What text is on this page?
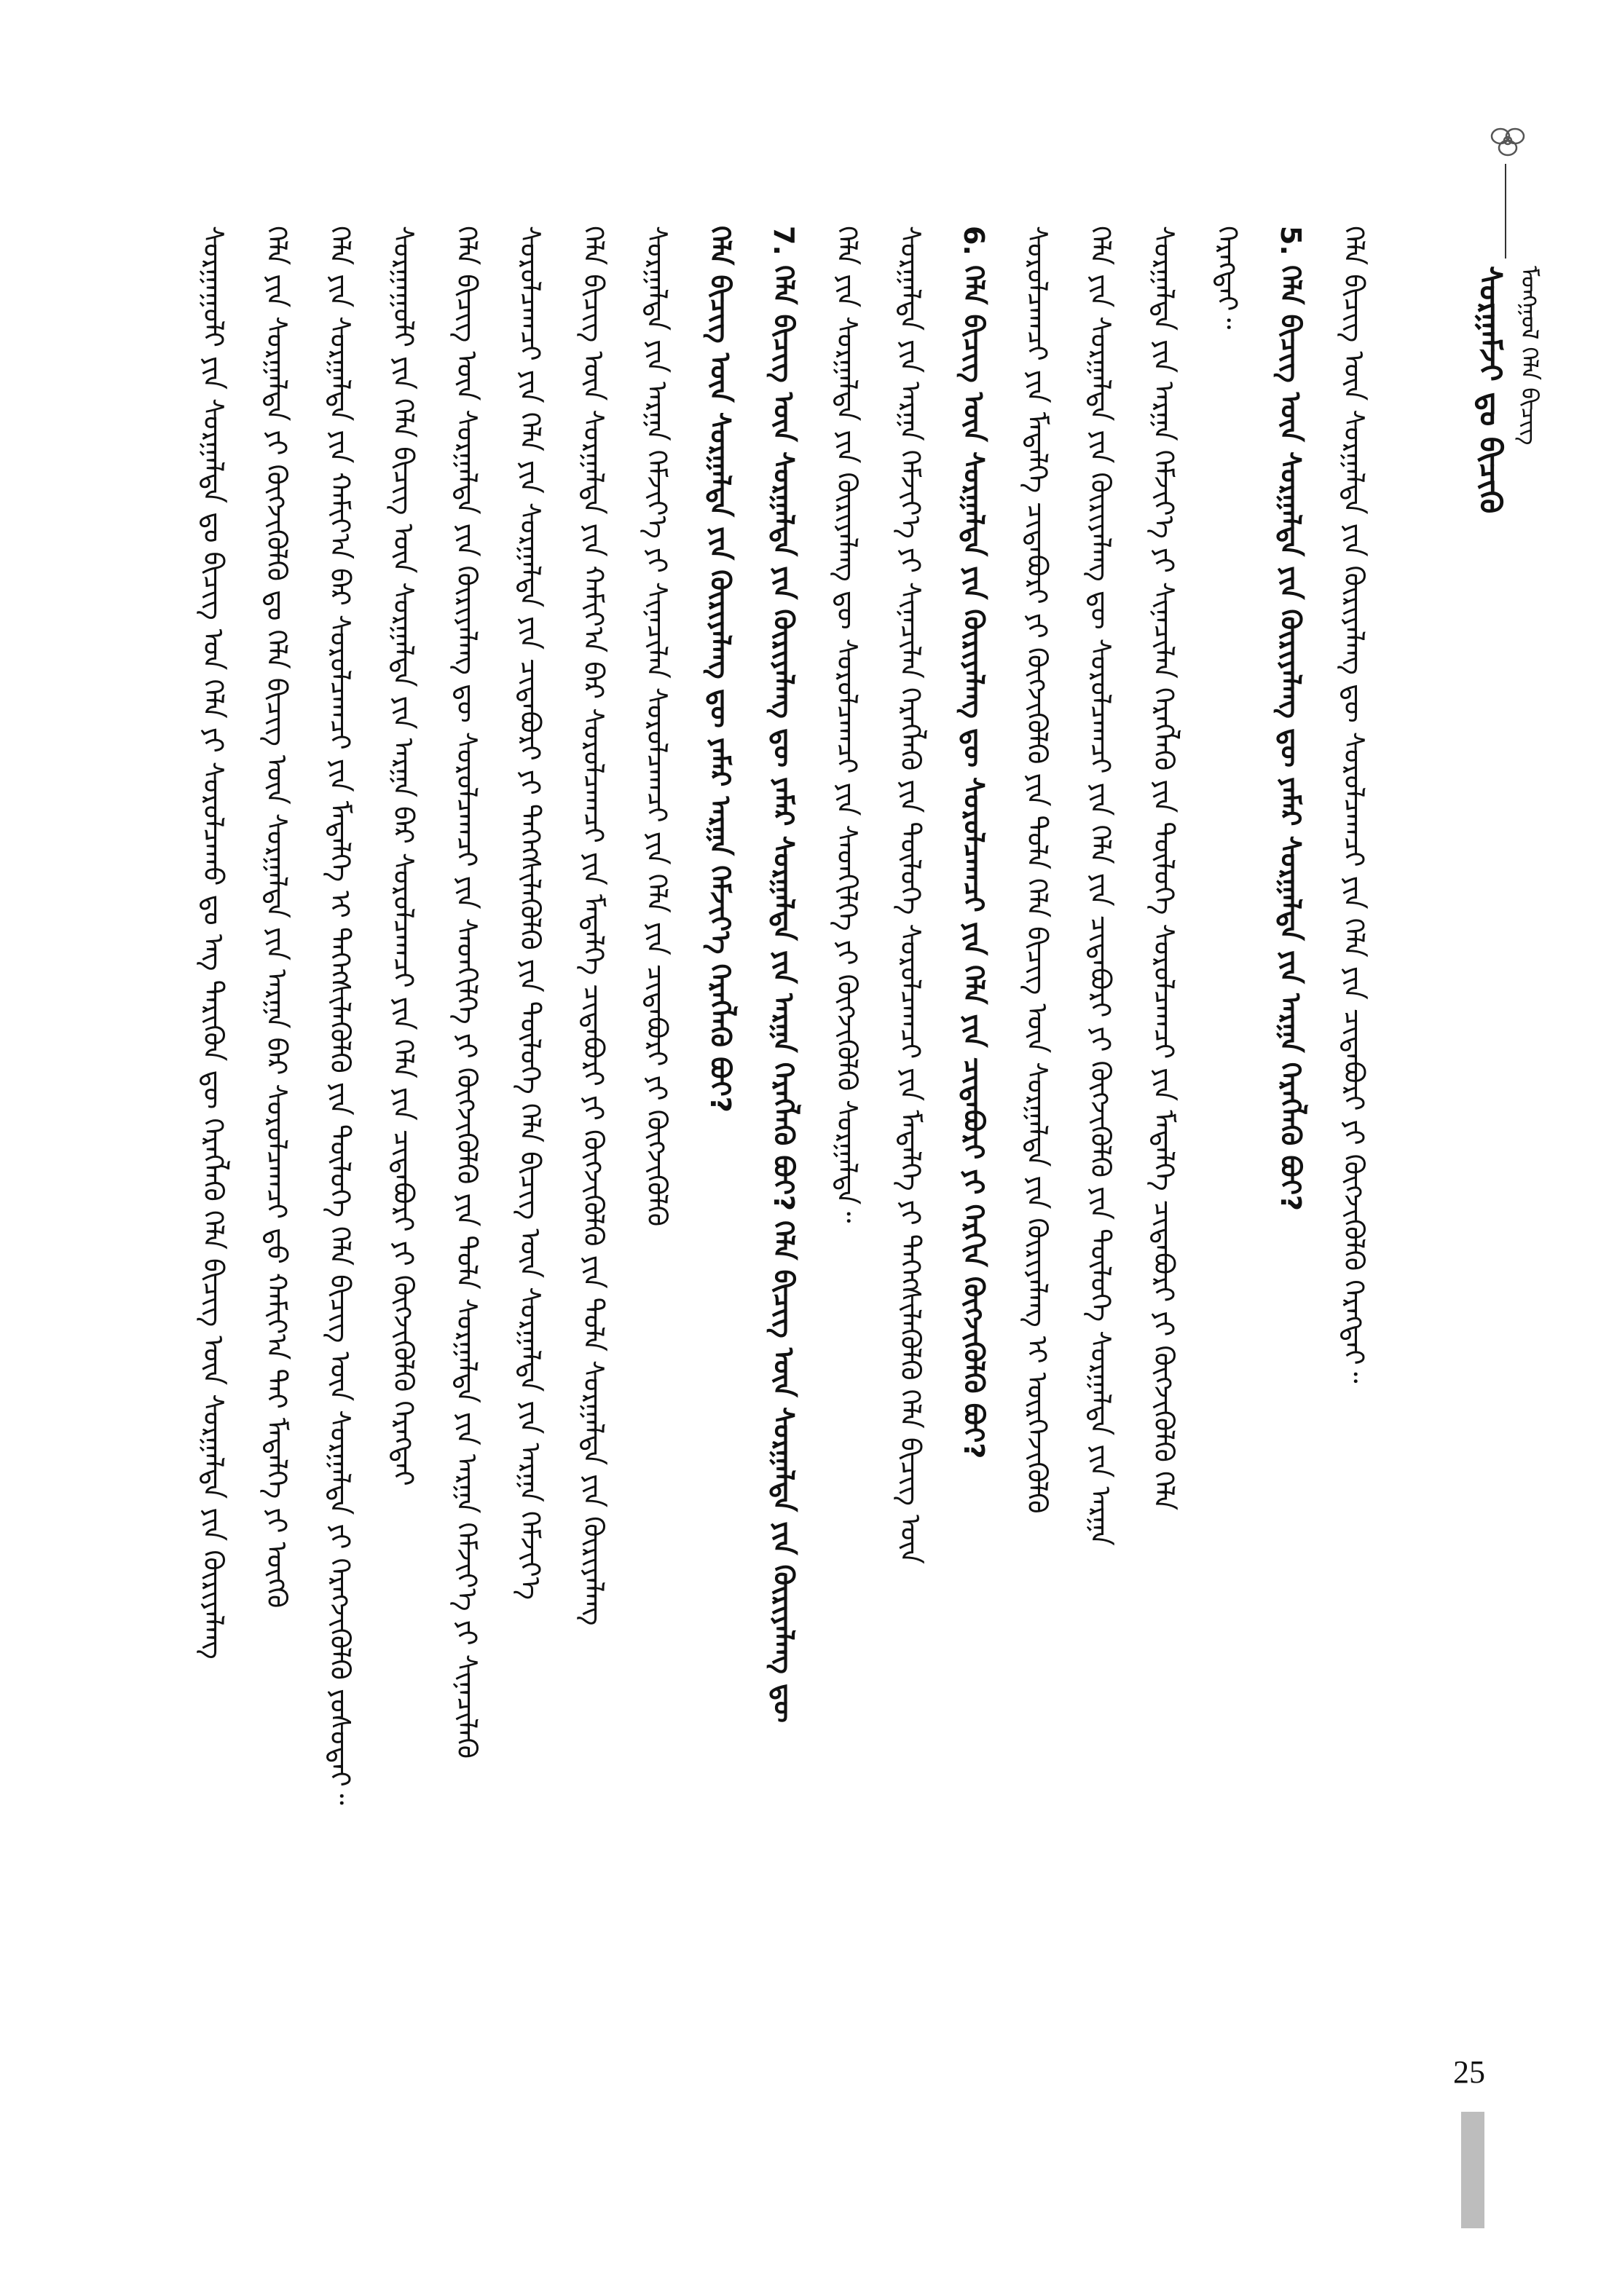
ᠰᠤᠷᠭᠠᠭᠤᠯᠢ ᠶᠢᠨ ᠰᠤᠷᠭᠠᠯᠲᠠ ᠳᠤ ᠪᠢᠴᠢᠭ ᠤᠨ ᠬᠡᠯᠡ ᠶᠢ ᠰᠤᠷᠤᠯᠴᠠᠬᠤ ᠳᠤ ᠡᠩ ᠲᠡᠷᠢᠭᠦᠨ ᠳᠦ ᠬᠡᠷᠡᠭᠯᠡᠬᠦ ᠬᠡᠯᠡ ᠪᠢᠴᠢᠭ ᠦᠨ ᠰᠤᠷᠭᠠᠯᠲᠠ ᠶᠢᠨ ᠬᠦᠷᠢᠶᠡᠯᠡᠩ ᠬᠡᠯᠡ ᠶᠢᠨ ᠰᠤᠷᠭᠠᠯᠲᠠ ᠶᠢ ᠬᠥᠭᠵᠢᠭᠦᠯᠬᠦ ᠳᠤ ᠬᠡᠯᠡ ᠪᠢᠴᠢᠭ ᠦᠨ ᠰᠤᠷᠭᠠᠯᠲᠠ ᠶᠢᠨ ᠠᠷᠭᠠ ᠪᠠᠷ ᠰᠤᠷᠤᠯᠴᠠᠭᠴᠢ ᠳ᠋ᠤ ᠬᠠᠮᠢᠶ᠎ᠠ ᠲᠠᠢ ᠮᠡᠳᠡᠯᠭᠡ ᠶᠢ ᠥᠭᠬᠦ ᠬᠡᠯᠡ ᠶᠢᠨ ᠰᠤᠷᠭᠠᠯᠲᠠ ᠶᠢᠨ ᠬᠠᠮᠢᠶ᠎ᠠ ᠪᠠᠷ ᠰᠤᠷᠤᠯᠴᠠᠭᠴᠢ ᠶᠢᠨ ᠮᠡᠳᠡᠯᠭᠡ ᠢ ᠳᠡᠭᠡᠭᠰᠢᠯᠡᠭᠦᠯᠬᠦ ᠶᠢᠨ ᠲᠥᠯᠥᠭᠡ ᠬᠡᠯᠡ ᠪᠢᠴᠢᠭ ᠦᠨ ᠰᠤᠷᠭᠠᠯᠲᠠ ᠶᠢ ᠬᠡᠷᠡᠭᠵᠢᠭᠦᠯᠬᠦ ᠶᠤᠰᠤᠲᠠᠢ᠃ ᠰᠤᠷᠭᠠᠭᠤᠯᠢ ᠶᠢᠨ ᠬᠡᠯᠡ ᠪᠢᠴᠢᠭ ᠦᠨ ᠰᠤᠷᠭᠠᠯᠲᠠ ᠶᠢᠨ ᠠᠷᠭᠠ ᠪᠠᠷ ᠰᠤᠷᠤᠯᠴᠠᠭᠴᠢ ᠶᠢᠨ ᠬᠡᠯᠡ ᠶᠢᠨ ᠴᠢᠳᠠᠪᠤᠷᠢ ᠶᠢ ᠬᠥᠭᠵᠢᠭᠦᠯᠬᠦ ᠬᠡᠷᠡᠭᠲᠡᠢ ᠬᠡᠯᠡ ᠪᠢᠴᠢᠭ ᠦᠨ ᠰᠤᠷᠭᠠᠯᠲᠠ ᠶᠢᠨ ᠬᠦᠷᠢᠶᠡᠯᠡᠩ ᠳᠦ ᠰᠤᠷᠤᠯᠴᠠᠭᠴᠢ ᠶᠢᠨ ᠰᠡᠳᠬᠢᠯᠭᠡ ᠶᠢ ᠬᠥᠭᠵᠢᠭᠦᠯᠬᠦ ᠶᠢᠨ ᠲᠤᠯᠠ ᠰᠤᠷᠭᠠᠯᠲᠠ ᠶᠢᠨ ᠠᠷᠭᠠ ᠬᠡᠮᠵᠢᠶ᠎ᠡ ᠶᠢ ᠰᠢᠨᠡᠴᠢᠯᠡᠬᠦ ᠰᠤᠷᠤᠯᠴᠠᠭᠴᠢ ᠶᠢᠨ ᠬᠡᠯᠡ ᠶᠢᠨ ᠰᠤᠷᠭᠠᠯᠲᠠ ᠶᠢᠨ ᠴᠢᠳᠠᠪᠤᠷᠢ ᠶᠢ ᠳᠡᠭᠡᠭᠰᠢᠯᠡᠭᠦᠯᠬᠦ ᠶᠢᠨ ᠲᠥᠯᠥᠭᠡ ᠬᠡᠯᠡ ᠪᠢᠴᠢᠭ ᠦᠨ ᠰᠤᠷᠭᠠᠯᠲᠠ ᠶᠢᠨ ᠠᠷᠭᠠ ᠬᠡᠮᠵᠢᠶ᠎ᠡ ᠬᠡᠯᠡ ᠪᠢᠴᠢᠭ ᠦᠨ ᠰᠤᠷᠭᠠᠯᠲᠠ ᠶᠢᠨ ᠬᠠᠮᠢᠶ᠎ᠠ ᠪᠠᠷ ᠰᠤᠷᠤᠯᠴᠠᠭᠴᠢ ᠶᠢᠨ ᠮᠡᠳᠡᠯᠭᠡ ᠴᠢᠳᠠᠪᠤᠷᠢ ᠶᠢ ᠬᠥᠭᠵᠢᠭᠦᠯᠬᠦ ᠶᠢᠨ ᠲᠤᠯᠠ ᠰᠤᠷᠭᠠᠯᠲᠠ ᠶᠢᠨ ᠬᠦᠷᠢᠶᠡᠯᠡᠩ ᠰᠤᠷᠭᠠᠯᠲᠠ ᠶᠢᠨ ᠠᠷᠭᠠ ᠬᠡᠮᠵᠢᠶ᠎ᠡ ᠶᠢ ᠰᠢᠨᠡᠴᠢᠯᠡᠨ ᠰᠤᠷᠤᠯᠴᠠᠭᠴᠢ ᠶᠢᠨ ᠬᠡᠯᠡ ᠶᠢᠨ ᠴᠢᠳᠠᠪᠤᠷᠢ ᠶᠢ ᠬᠥᠭᠵᠢᠭᠦᠯᠬᠦ ᠬᠡᠯᠡ ᠪᠢᠴᠢᠭ ᠦᠨ ᠰᠤᠷᠭᠠᠯᠲᠠ ᠶᠢᠨ ᠬᠦᠷᠢᠶᠡᠯᠡᠩ ᠳᠦ ᠶᠠᠮᠠᠷ ᠠᠷᠭᠠ ᠬᠡᠮᠵᠢᠶ᠎ᠡ ᠬᠡᠷᠡᠭᠯᠡᠬᠦ ᠪᠤᠢ? 7. ᠬᠡᠯᠡ ᠪᠢᠴᠢᠭ ᠦᠨ ᠰᠤᠷᠭᠠᠯᠲᠠ ᠶᠢᠨ ᠬᠦᠷᠢᠶᠡᠯᠡᠩ ᠳᠦ ᠶᠠᠮᠠᠷ ᠰᠤᠷᠭᠠᠯᠲᠠ ᠶᠢᠨ ᠠᠷᠭᠠ ᠬᠡᠷᠡᠭᠯᠡᠬᠦ ᠪᠤᠢ? ᠬᠡᠯᠡ ᠪᠢᠴᠢᠭ ᠦᠨ ᠰᠤᠷᠭᠠᠯᠲᠠ ᠶᠢᠨ ᠬᠦᠷᠢᠶᠡᠯᠡᠩ ᠳᠦ ᠬᠡᠯᠡ ᠶᠢᠨ ᠰᠤᠷᠭᠠᠯᠲᠠ ᠶᠢᠨ ᠬᠦᠷᠢᠶᠡᠯᠡᠩ ᠳᠦ ᠰᠤᠷᠤᠯᠴᠠᠭᠴᠢ ᠶᠢᠨ ᠰᠡᠳᠬᠢᠯᠭᠡ ᠶᠢ ᠬᠥᠭᠵᠢᠭᠦᠯᠬᠦ ᠰᠤᠷᠭᠠᠯᠲᠠ᠃ ᠰᠤᠷᠭᠠᠯᠲᠠ ᠶᠢᠨ ᠠᠷᠭᠠ ᠬᠡᠮᠵᠢᠶ᠎ᠡ ᠶᠢ ᠰᠢᠨᠡᠴᠢᠯᠡᠨ ᠬᠡᠷᠡᠭᠯᠡᠬᠦ ᠶᠢᠨ ᠲᠥᠯᠥᠭᠡ ᠰᠤᠷᠤᠯᠴᠠᠭᠴᠢ ᠶᠢᠨ ᠮᠡᠳᠡᠯᠭᠡ ᠶᠢ ᠳᠡᠭᠡᠭᠰᠢᠯᠡᠭᠦᠯᠬᠦ ᠬᠡᠯᠡ ᠪᠢᠴᠢᠭ ᠦᠨ 6. ᠬᠡᠯᠡ ᠪᠢᠴᠢᠭ ᠦᠨ ᠰᠤᠷᠭᠠᠯᠲᠠ ᠶᠢᠨ ᠬᠦᠷᠢᠶᠡᠯᠡᠩ ᠳᠦ ᠰᠤᠷᠤᠯᠴᠠᠭᠴᠢ ᠶᠢᠨ ᠬᠡᠯᠡ ᠶᠢᠨ ᠴᠢᠳᠠᠪᠤᠷᠢ ᠶᠢ ᠬᠡᠷᠬᠢᠨ ᠬᠥᠭᠵᠢᠭᠦᠯᠬᠦ ᠪᠤᠢ? ᠰᠤᠷᠤᠯᠴᠠᠭᠴᠢ ᠶᠢᠨ ᠮᠡᠳᠡᠯᠭᠡ ᠴᠢᠳᠠᠪᠤᠷᠢ ᠶᠢ ᠬᠥᠭᠵᠢᠭᠦᠯᠬᠦ ᠶᠢᠨ ᠲᠤᠯᠠ ᠬᠡᠯᠡ ᠪᠢᠴᠢᠭ ᠦᠨ ᠰᠤᠷᠭᠠᠯᠲᠠ ᠶᠢᠨ ᠬᠦᠷᠢᠶᠡᠯᠡᠩ ᠢ ᠥᠷᠭᠡᠵᠢᠭᠦᠯᠬᠦ ᠬᠡᠯᠡ ᠶᠢᠨ ᠰᠤᠷᠭᠠᠯᠲᠠ ᠶᠢᠨ ᠬᠦᠷᠢᠶᠡᠯᠡᠩ ᠳᠦ ᠰᠤᠷᠤᠯᠴᠠᠭᠴᠢ ᠶᠢᠨ ᠬᠡᠯᠡ ᠶᠢᠨ ᠴᠢᠳᠠᠪᠤᠷᠢ ᠶᠢ ᠬᠥᠭᠵᠢᠭᠦᠯᠬᠦ ᠶᠢᠨ ᠲᠥᠯᠥᠭᠡ ᠰᠤᠷᠭᠠᠯᠲᠠ ᠶᠢᠨ ᠠᠷᠭᠠ ᠰᠤᠷᠭᠠᠯᠲᠠ ᠶᠢᠨ ᠠᠷᠭᠠ ᠬᠡᠮᠵᠢᠶ᠎ᠡ ᠶᠢ ᠰᠢᠨᠡᠴᠢᠯᠡᠨ ᠬᠡᠷᠡᠭᠯᠡᠬᠦ ᠶᠢᠨ ᠲᠥᠯᠥᠭᠡ ᠰᠤᠷᠤᠯᠴᠠᠭᠴᠢ ᠶᠢᠨ ᠮᠡᠳᠡᠯᠭᠡ ᠴᠢᠳᠠᠪᠤᠷᠢ ᠶᠢ ᠬᠥᠭᠵᠢᠭᠦᠯᠬᠦ ᠬᠡᠯᠡ ᠬᠡᠷᠡᠭᠲᠡᠢ᠃ 5. ᠬᠡᠯᠡ ᠪᠢᠴᠢᠭ ᠦᠨ ᠰᠤᠷᠭᠠᠯᠲᠠ ᠶᠢᠨ ᠬᠦᠷᠢᠶᠡᠯᠡᠩ ᠳᠦ ᠶᠠᠮᠠᠷ ᠰᠤᠷᠭᠠᠯᠲᠠ ᠶᠢᠨ ᠠᠷᠭᠠ ᠬᠡᠷᠡᠭᠯᠡᠬᠦ ᠪᠤᠢ? ᠬᠡᠯᠡ ᠪᠢᠴᠢᠭ ᠦᠨ ᠰᠤᠷᠭᠠᠯᠲᠠ ᠶᠢᠨ ᠬᠦᠷᠢᠶᠡᠯᠡᠩ ᠳᠦ ᠰᠤᠷᠤᠯᠴᠠᠭᠴᠢ ᠶᠢᠨ ᠬᠡᠯᠡ ᠶᠢᠨ ᠴᠢᠳᠠᠪᠤᠷᠢ ᠶᠢ ᠬᠥᠭᠵᠢᠭᠦᠯᠬᠦ ᠬᠡᠷᠡᠭᠲᠡᠢ᠃	ᠰᠤᠷᠭᠠᠮᠵᠢ ᠳᠤ ᠪᠢᠴᠢᠬᠦ ᠮᠣᠩᠭᠣᠯ ᠬᠡᠯᠡ ᠪᠢᠴᠢᠭ
25
